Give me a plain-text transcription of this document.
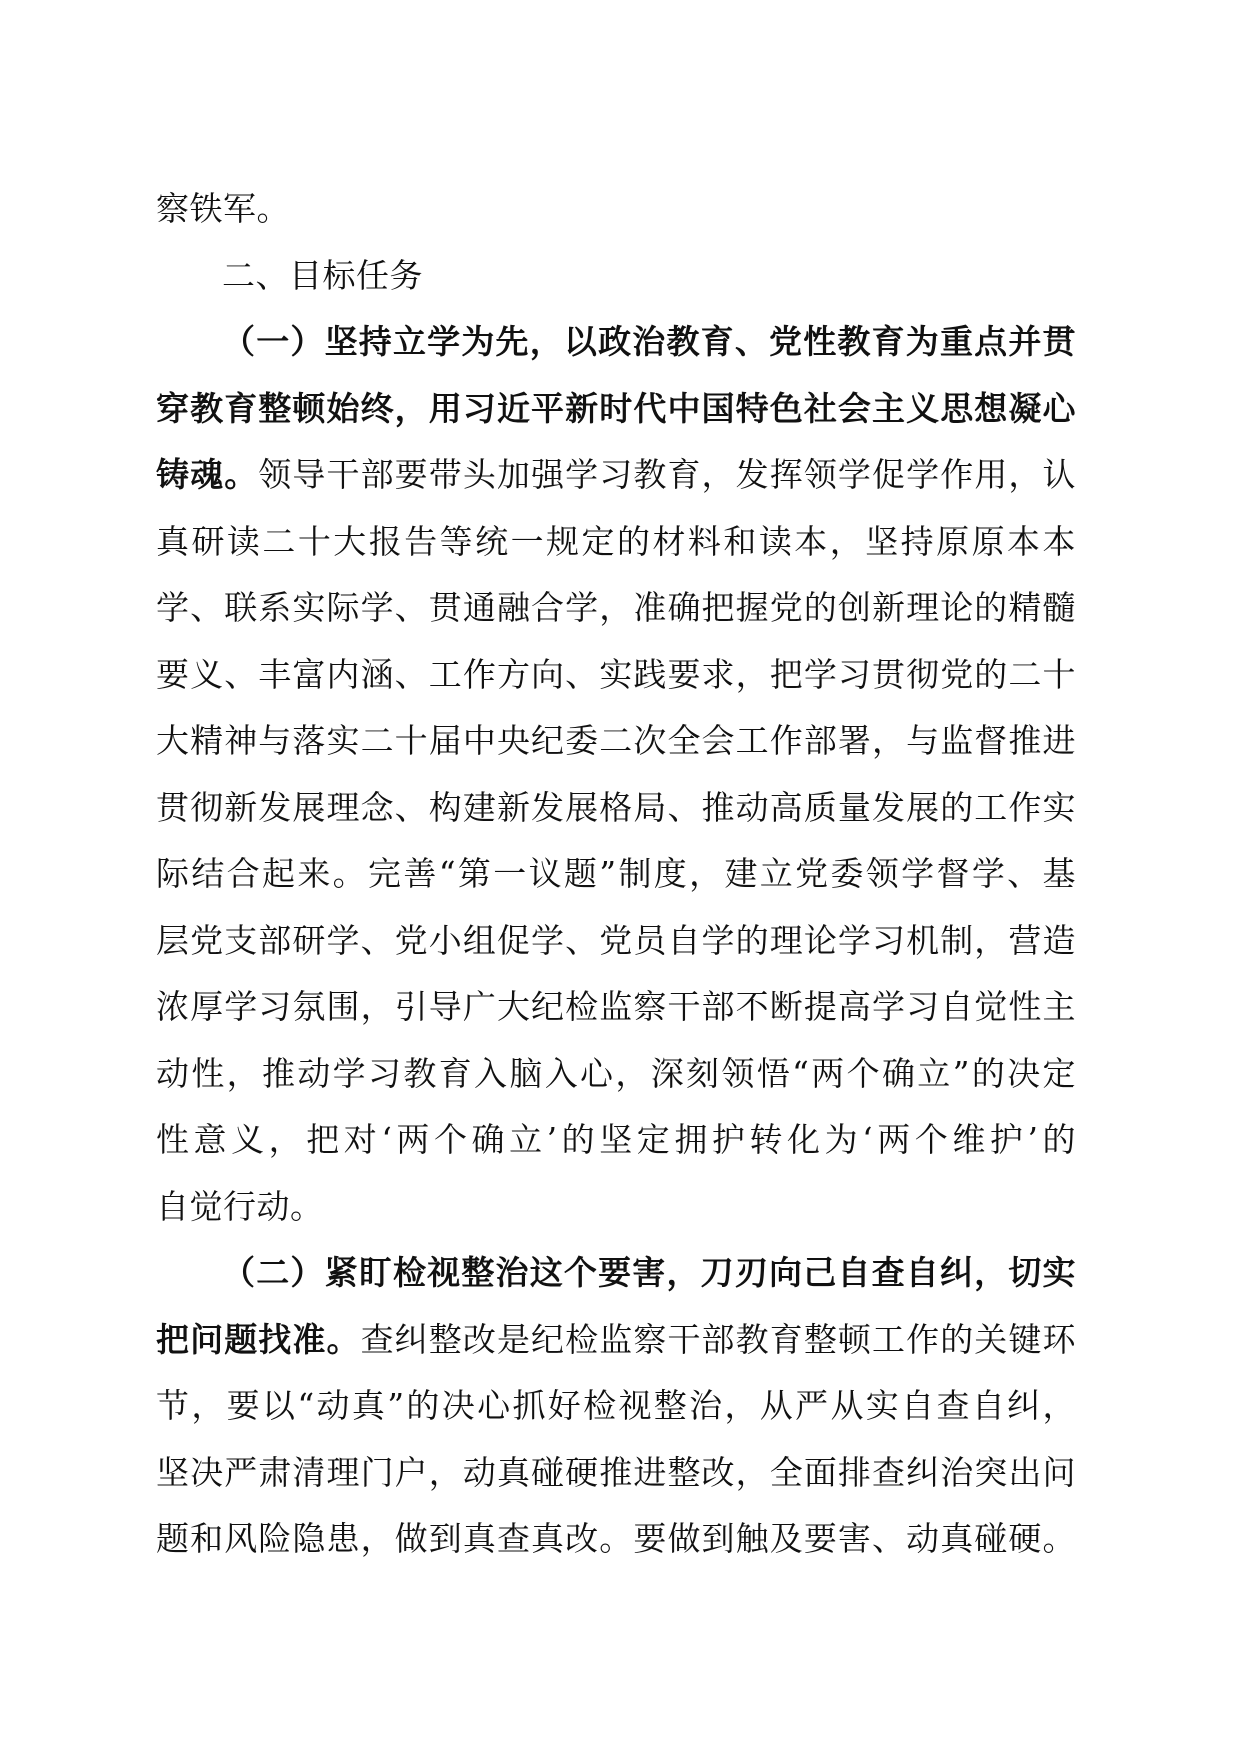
察铁军。
二、目标任务
（一）坚持立学为先，以政治教育、党性教育为重点并贯
穿教育整顿始终，用习近平新时代中国特色社会主义思想凝心
铸魂。领导干部要带头加强学习教育，发挥领学促学作用，认
真研读二十大报告等统一规定的材料和读本，坚持原原本本
学、联系实际学、贯通融合学，准确把握党的创新理论的精髓
要义、丰富内涵、工作方向、实践要求，把学习贯彻党的二十
大精神与落实二十届中央纪委二次全会工作部署，与监督推进
贯彻新发展理念、构建新发展格局、推动高质量发展的工作实
际结合起来。完善“第一议题”制度，建立党委领学督学、基
层党支部研学、党小组促学、党员自学的理论学习机制，营造
浓厚学习氛围，引导广大纪检监察干部不断提高学习自觉性主
动性，推动学习教育入脑入心，深刻领悟“两个确立”的决定
性意义，把对‘两个确立’的坚定拥护转化为‘两个维护’的
自觉行动。
（二）紧盯检视整治这个要害，刀刃向己自查自纠，切实
把问题找准。查纠整改是纪检监察干部教育整顿工作的关键环
节，要以“动真”的决心抓好检视整治，从严从实自查自纠，
坚决严肃清理门户，动真碰硬推进整改，全面排查纠治突出问
题和风险隐患，做到真查真改。要做到触及要害、动真碰硬。
